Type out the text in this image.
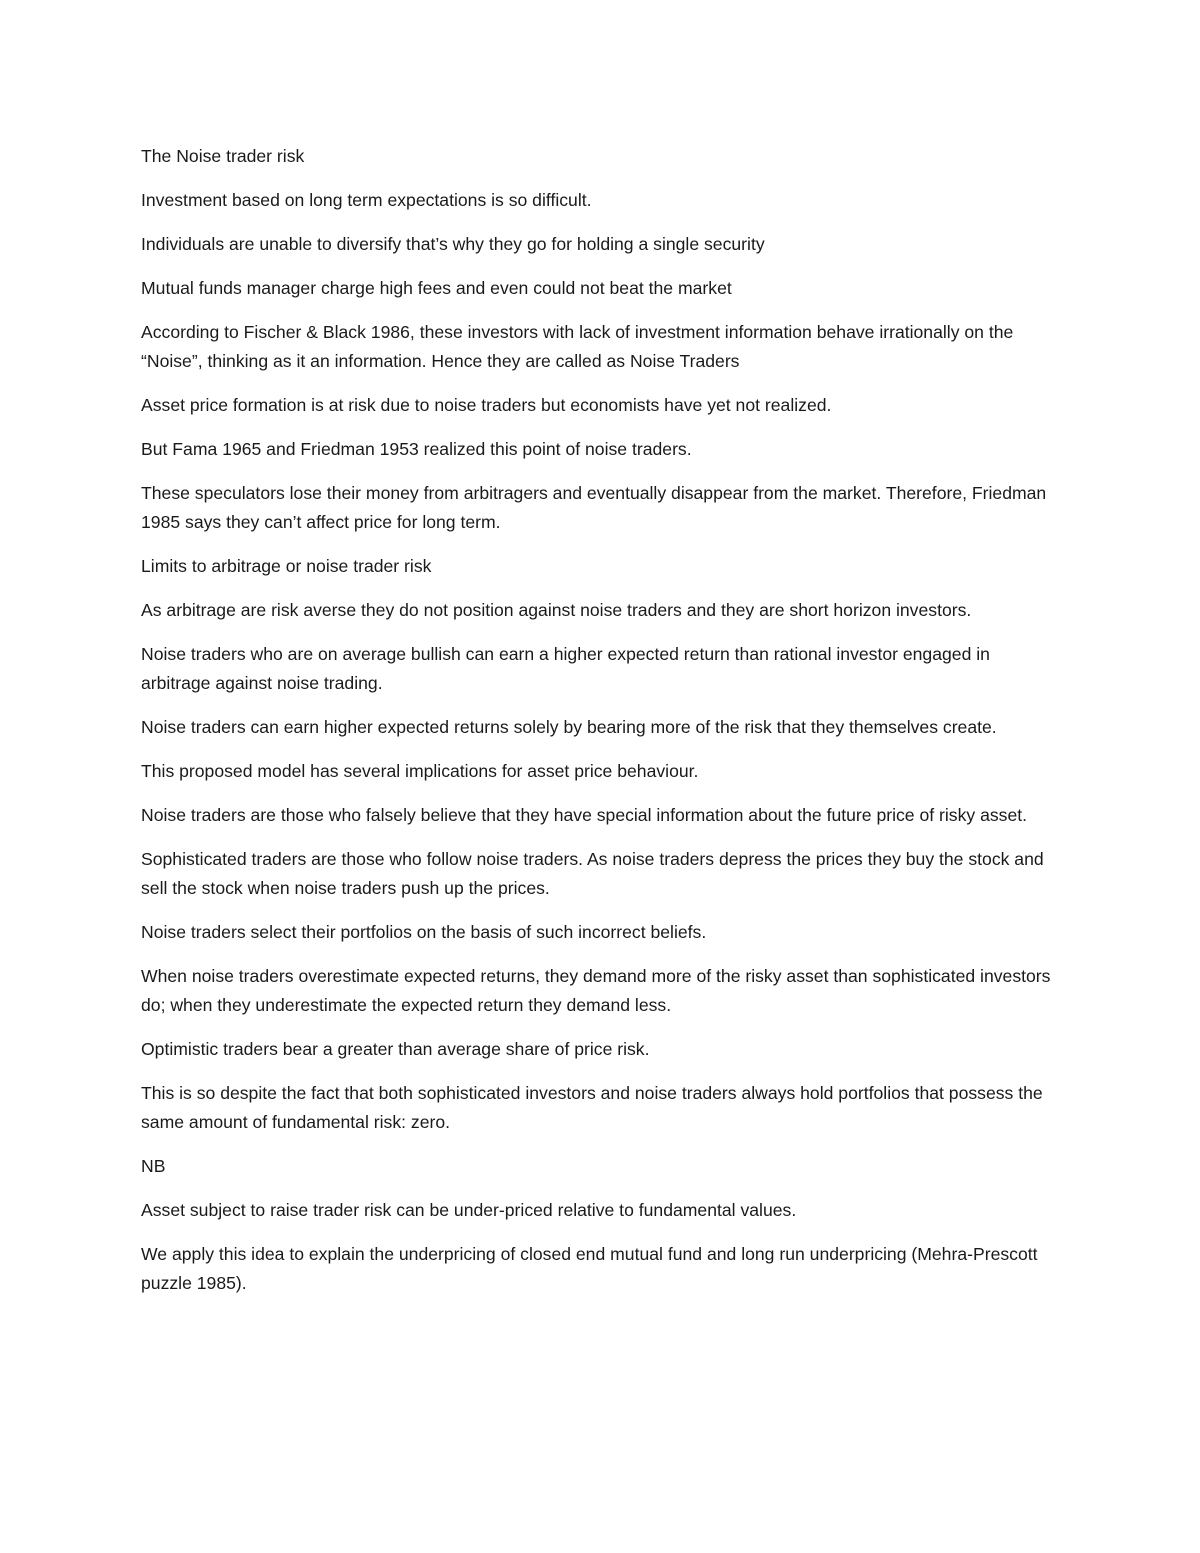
The Noise trader risk

Investment based on long term expectations is so difficult.

Individuals are unable to diversify that’s why they go for holding a single security

Mutual funds manager charge high fees and even could not beat the market

According to Fischer & Black 1986, these investors with lack of investment information behave irrationally on the “Noise”, thinking as it an information. Hence they are called as Noise Traders

Asset price formation is at risk due to noise traders but economists have yet not realized.

But Fama 1965 and Friedman 1953 realized this point of noise traders.

These speculators lose their money from arbitragers and eventually disappear from the market. Therefore, Friedman 1985 says they can’t affect price for long term.

Limits to arbitrage or noise trader risk

As arbitrage are risk averse they do not position against noise traders and they are short horizon investors.

Noise traders who are on average bullish can earn a higher expected return than rational investor engaged in arbitrage against noise trading.

Noise traders can earn higher expected returns solely by bearing more of the risk that they themselves create.

This proposed model has several implications for asset price behaviour.

Noise traders are those who falsely believe that they have special information about the future price of risky asset.

Sophisticated traders are those who follow noise traders. As noise traders depress the prices they buy the stock and sell the stock when noise traders push up the prices.

Noise traders select their portfolios on the basis of such incorrect beliefs.

When noise traders overestimate expected returns, they demand more of the risky asset than sophisticated investors do; when they underestimate the expected return they demand less.

Optimistic traders bear a greater than average share of price risk.

This is so despite the fact that both sophisticated investors and noise traders always hold portfolios that possess the same amount of fundamental risk: zero.

NB

Asset subject to raise trader risk can be under-priced relative to fundamental values.

We apply this idea to explain the underpricing of closed end mutual fund and long run underpricing (Mehra-Prescott puzzle 1985).
